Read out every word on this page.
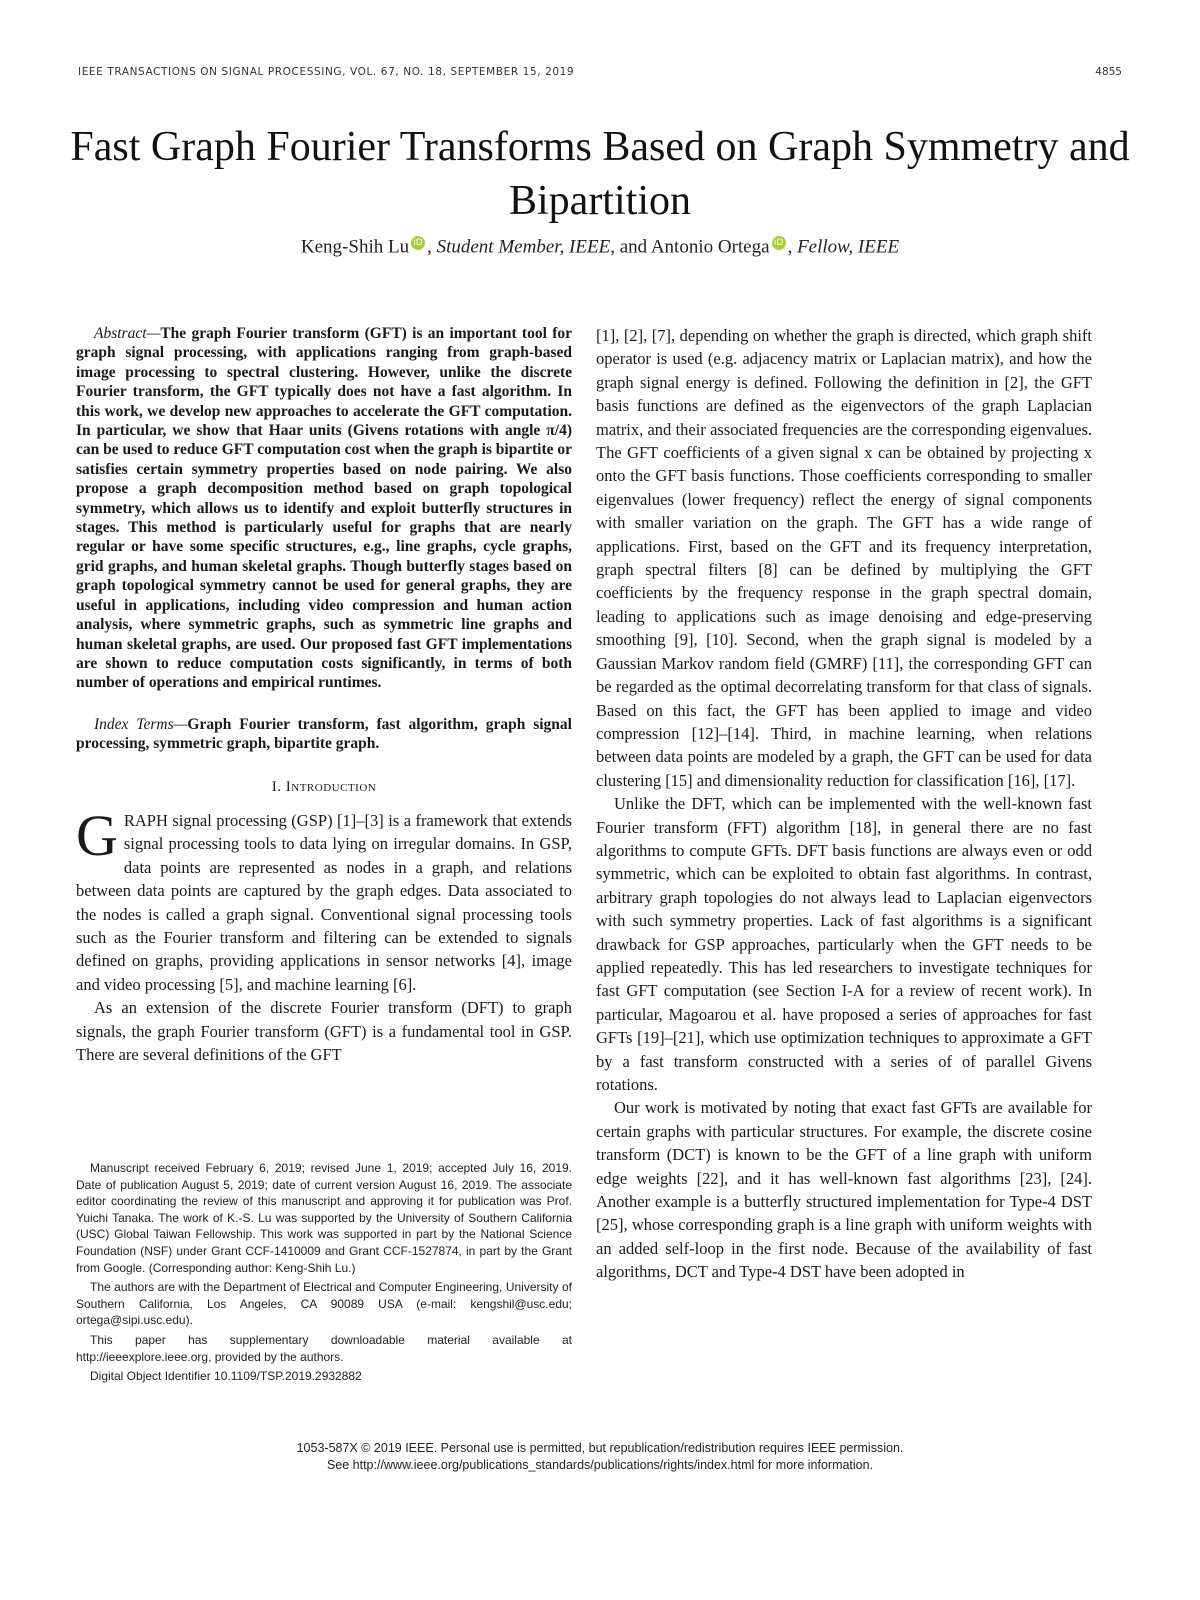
IEEE TRANSACTIONS ON SIGNAL PROCESSING, VOL. 67, NO. 18, SEPTEMBER 15, 2019	4855
Fast Graph Fourier Transforms Based on Graph Symmetry and Bipartition
Keng-Shih Lu iD , Student Member, IEEE, and Antonio Ortega iD , Fellow, IEEE

Abstract—The graph Fourier transform (GFT) is an important tool for graph signal processing, with applications ranging from graph-based image processing to spectral clustering. However, unlike the discrete Fourier transform, the GFT typically does not have a fast algorithm. In this work, we develop new approaches to accelerate the GFT computation. In particular, we show that Haar units (Givens rotations with angle π/4) can be used to reduce GFT computation cost when the graph is bipartite or satisfies certain symmetry properties based on node pairing. We also propose a graph decomposition method based on graph topological symmetry, which allows us to identify and exploit butterfly structures in stages. This method is particularly useful for graphs that are nearly regular or have some specific structures, e.g., line graphs, cycle graphs, grid graphs, and human skeletal graphs. Though butterfly stages based on graph topological symmetry cannot be used for general graphs, they are useful in applications, including video compression and human action analysis, where symmetric graphs, such as symmetric line graphs and human skeletal graphs, are used. Our proposed fast GFT implementations are shown to reduce computation costs significantly, in terms of both number of operations and empirical runtimes.

Index Terms—Graph Fourier transform, fast algorithm, graph signal processing, symmetric graph, bipartite graph.

I. Introduction

GRAPH signal processing (GSP) [1]–[3] is a framework that extends signal processing tools to data lying on irregular domains. In GSP, data points are represented as nodes in a graph, and relations between data points are captured by the graph edges. Data associated to the nodes is called a graph signal. Conventional signal processing tools such as the Fourier transform and filtering can be extended to signals defined on graphs, providing applications in sensor networks [4], image and video processing [5], and machine learning [6].

As an extension of the discrete Fourier transform (DFT) to graph signals, the graph Fourier transform (GFT) is a fundamental tool in GSP. There are several definitions of the GFT

Manuscript received February 6, 2019; revised June 1, 2019; accepted July 16, 2019. Date of publication August 5, 2019; date of current version August 16, 2019. The associate editor coordinating the review of this manuscript and approving it for publication was Prof. Yuichi Tanaka. The work of K.-S. Lu was supported by the University of Southern California (USC) Global Taiwan Fellowship. This work was supported in part by the National Science Foundation (NSF) under Grant CCF-1410009 and Grant CCF-1527874, in part by the Grant from Google. (Corresponding author: Keng-Shih Lu.)

The authors are with the Department of Electrical and Computer Engineering, University of Southern California, Los Angeles, CA 90089 USA (e-mail: kengshil@usc.edu; ortega@sipi.usc.edu).

This paper has supplementary downloadable material available at http://ieeexplore.ieee.org, provided by the authors.

Digital Object Identifier 10.1109/TSP.2019.2932882

[1], [2], [7], depending on whether the graph is directed, which graph shift operator is used (e.g. adjacency matrix or Laplacian matrix), and how the graph signal energy is defined. Following the definition in [2], the GFT basis functions are defined as the eigenvectors of the graph Laplacian matrix, and their associated frequencies are the corresponding eigenvalues. The GFT coefficients of a given signal x can be obtained by projecting x onto the GFT basis functions. Those coefficients corresponding to smaller eigenvalues (lower frequency) reflect the energy of signal components with smaller variation on the graph. The GFT has a wide range of applications. First, based on the GFT and its frequency interpretation, graph spectral filters [8] can be defined by multiplying the GFT coefficients by the frequency response in the graph spectral domain, leading to applications such as image denoising and edge-preserving smoothing [9], [10]. Second, when the graph signal is modeled by a Gaussian Markov random field (GMRF) [11], the corresponding GFT can be regarded as the optimal decorrelating transform for that class of signals. Based on this fact, the GFT has been applied to image and video compression [12]–[14]. Third, in machine learning, when relations between data points are modeled by a graph, the GFT can be used for data clustering [15] and dimensionality reduction for classification [16], [17].

Unlike the DFT, which can be implemented with the well-known fast Fourier transform (FFT) algorithm [18], in general there are no fast algorithms to compute GFTs. DFT basis functions are always even or odd symmetric, which can be exploited to obtain fast algorithms. In contrast, arbitrary graph topologies do not always lead to Laplacian eigenvectors with such symmetry properties. Lack of fast algorithms is a significant drawback for GSP approaches, particularly when the GFT needs to be applied repeatedly. This has led researchers to investigate techniques for fast GFT computation (see Section I-A for a review of recent work). In particular, Magoarou et al. have proposed a series of approaches for fast GFTs [19]–[21], which use optimization techniques to approximate a GFT by a fast transform constructed with a series of of parallel Givens rotations.

Our work is motivated by noting that exact fast GFTs are available for certain graphs with particular structures. For example, the discrete cosine transform (DCT) is known to be the GFT of a line graph with uniform edge weights [22], and it has well-known fast algorithms [23], [24]. Another example is a butterfly structured implementation for Type-4 DST [25], whose corresponding graph is a line graph with uniform weights with an added self-loop in the first node. Because of the availability of fast algorithms, DCT and Type-4 DST have been adopted in

1053-587X © 2019 IEEE. Personal use is permitted, but republication/redistribution requires IEEE permission.
See http://www.ieee.org/publications_standards/publications/rights/index.html for more information.
